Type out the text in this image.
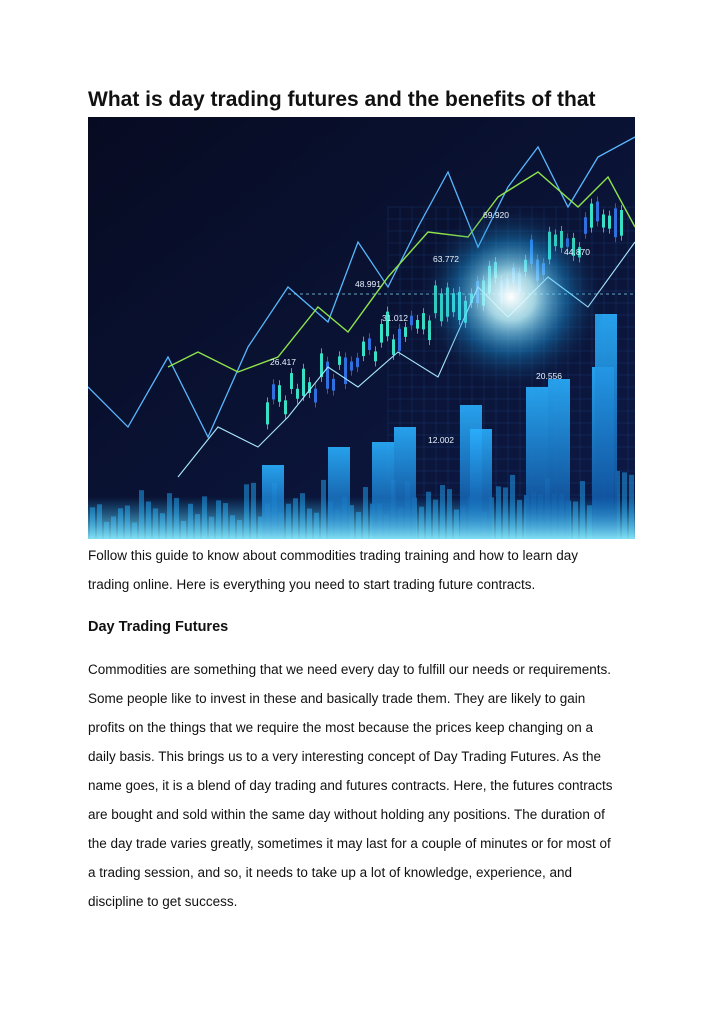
What is day trading futures and the benefits of that
69.920
63.772
44.870
48.991
31.012
26.417
20.556
12.002

Follow this guide to know about commodities trading training and how to learn day
trading online. Here is everything you need to start trading future contracts.

Day Trading Futures

Commodities are something that we need every day to fulfill our needs or requirements.
Some people like to invest in these and basically trade them. They are likely to gain
profits on the things that we require the most because the prices keep changing on a
daily basis. This brings us to a very interesting concept of Day Trading Futures. As the
name goes, it is a blend of day trading and futures contracts. Here, the futures contracts
are bought and sold within the same day without holding any positions. The duration of
the day trade varies greatly, sometimes it may last for a couple of minutes or for most of
a trading session, and so, it needs to take up a lot of knowledge, experience, and
discipline to get success.
